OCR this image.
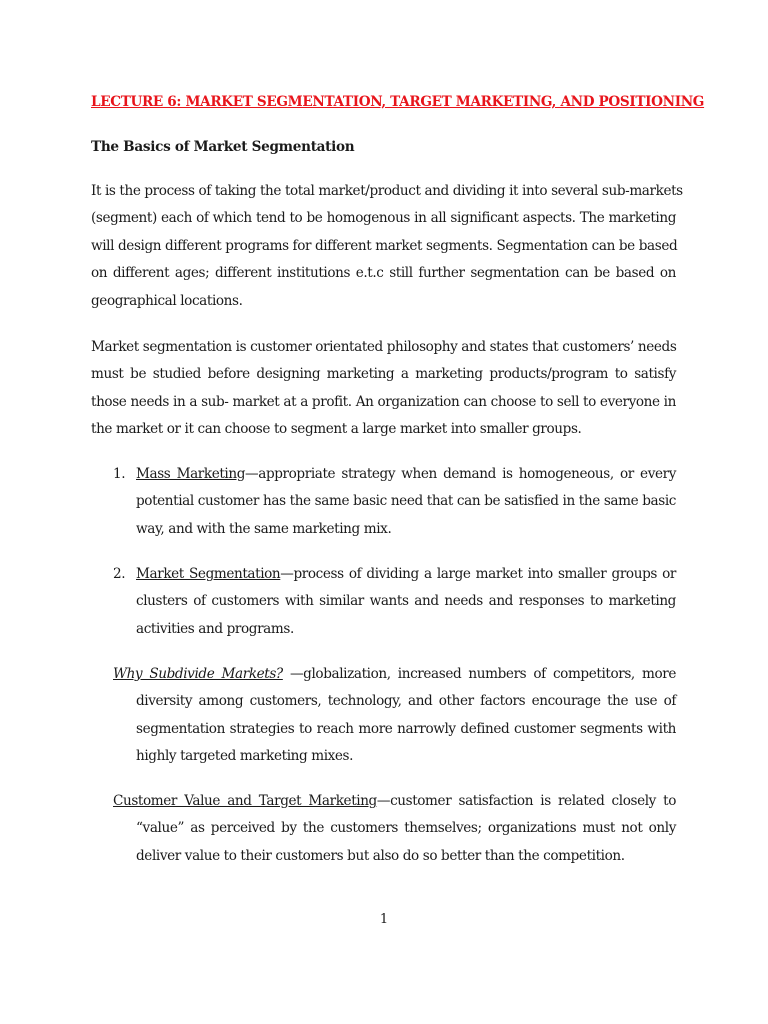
LECTURE 6: MARKET SEGMENTATION, TARGET MARKETING, AND POSITIONING
The Basics of Market Segmentation
It is the process of taking the total market/product and dividing it into several sub-markets
(segment) each of which tend to be homogenous in all significant aspects. The marketing
will design different programs for different market segments. Segmentation can be based
on different ages; different institutions e.t.c still further segmentation can be based on
geographical locations.
Market segmentation is customer orientated philosophy and states that customers’ needs
must be studied before designing marketing a marketing products/program to satisfy
those needs in a sub- market at a profit. An organization can choose to sell to everyone in
the market or it can choose to segment a large market into smaller groups.
1. Mass Marketing—appropriate strategy when demand is homogeneous, or every
potential customer has the same basic need that can be satisfied in the same basic
way, and with the same marketing mix.
2. Market Segmentation—process of dividing a large market into smaller groups or
clusters of customers with similar wants and needs and responses to marketing
activities and programs.
Why Subdivide Markets? —globalization, increased numbers of competitors, more
diversity among customers, technology, and other factors encourage the use of
segmentation strategies to reach more narrowly defined customer segments with
highly targeted marketing mixes.
Customer Value and Target Marketing—customer satisfaction is related closely to
“value” as perceived by the customers themselves; organizations must not only
deliver value to their customers but also do so better than the competition.
1
